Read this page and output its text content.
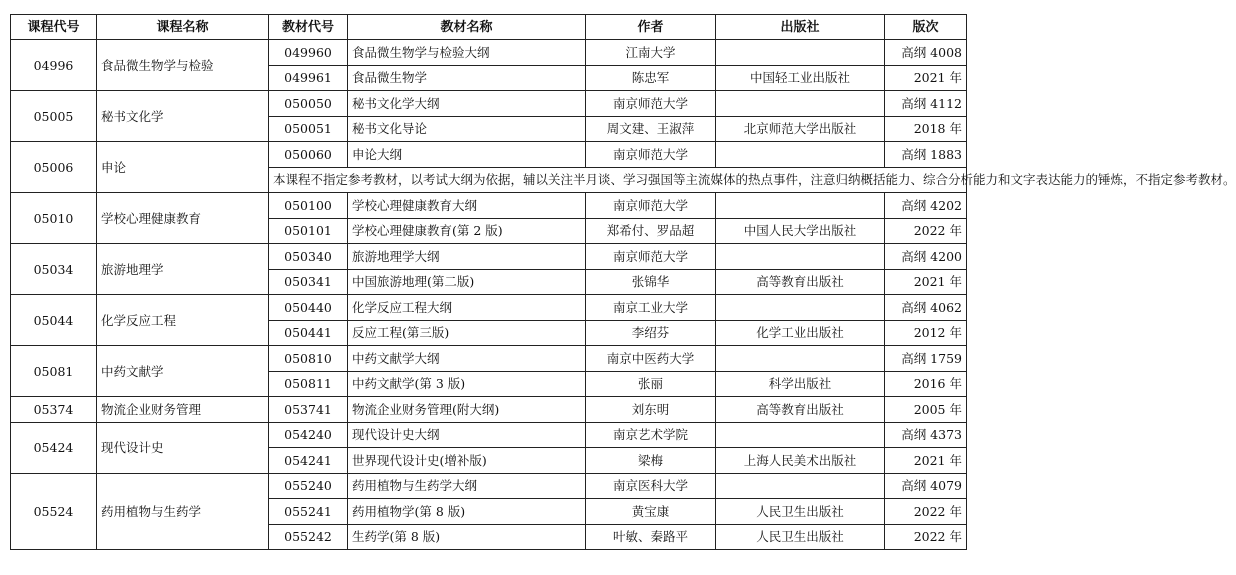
课程代号	课程名称	教材代号	教材名称	作者	出版社	版次
04996	食品微生物学与检验	049960	食品微生物学与检验大纲	江南大学		高纲 4008
		049961	食品微生物学	陈忠军	中国轻工业出版社	2021 年
05005	秘书文化学	050050	秘书文化学大纲	南京师范大学		高纲 4112
		050051	秘书文化导论	周文建、王淑萍	北京师范大学出版社	2018 年
05006	申论	050060	申论大纲	南京师范大学		高纲 1883
		本课程不指定参考教材，以考试大纲为依据，辅以关注半月谈、学习强国等主流媒体的热点事件，注意归纳概括能力、综合分析能力和文字表达能力的锤炼，不指定参考教材。				
05010	学校心理健康教育	050100	学校心理健康教育大纲	南京师范大学		高纲 4202
		050101	学校心理健康教育(第 2 版)	郑希付、罗品超	中国人民大学出版社	2022 年
05034	旅游地理学	050340	旅游地理学大纲	南京师范大学		高纲 4200
		050341	中国旅游地理(第二版)	张锦华	高等教育出版社	2021 年
05044	化学反应工程	050440	化学反应工程大纲	南京工业大学		高纲 4062
		050441	反应工程(第三版)	李绍芬	化学工业出版社	2012 年
05081	中药文献学	050810	中药文献学大纲	南京中医药大学		高纲 1759
		050811	中药文献学(第 3 版)	张丽	科学出版社	2016 年
05374	物流企业财务管理	053741	物流企业财务管理(附大纲)	刘东明	高等教育出版社	2005 年
05424	现代设计史	054240	现代设计史大纲	南京艺术学院		高纲 4373
		054241	世界现代设计史(增补版)	梁梅	上海人民美术出版社	2021 年
05524	药用植物与生药学	055240	药用植物与生药学大纲	南京医科大学		高纲 4079
		055241	药用植物学(第 8 版)	黄宝康	人民卫生出版社	2022 年
		055242	生药学(第 8 版)	叶敏、秦路平	人民卫生出版社	2022 年
